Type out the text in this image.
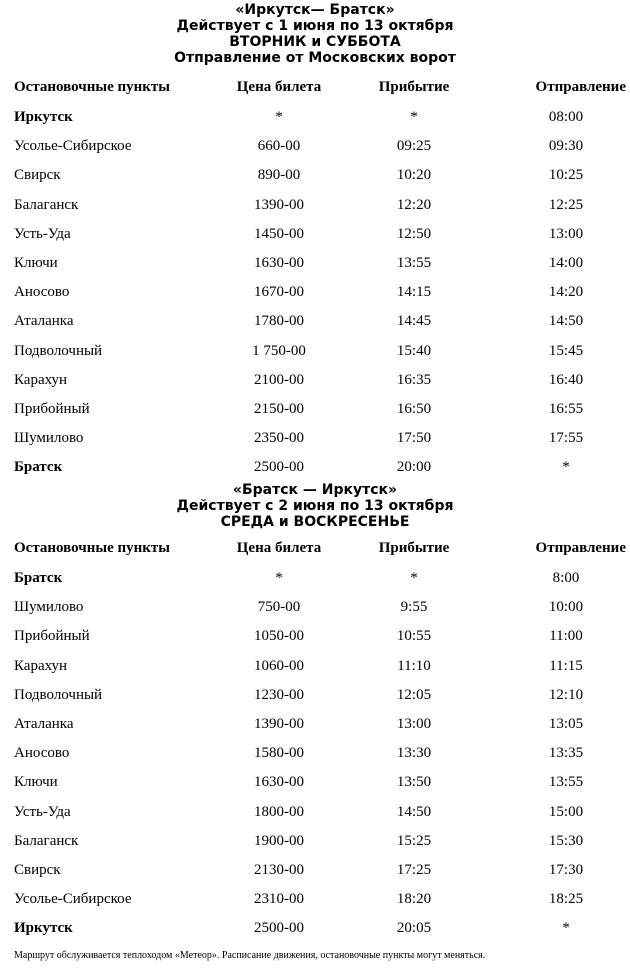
«Иркутск— Братск»
Действует с 1 июня по 13 октября
ВТОРНИК и СУББОТА
Отправление от Московских ворот
Остановочные пункты	Цена билета	Прибытие	Отправление
Иркутск	*	*	08:00
Усолье-Сибирское	660-00	09:25	09:30
Свирск	890-00	10:20	10:25
Балаганск	1390-00	12:20	12:25
Усть-Уда	1450-00	12:50	13:00
Ключи	1630-00	13:55	14:00
Аносово	1670-00	14:15	14:20
Аталанка	1780-00	14:45	14:50
Подволочный	1 750-00	15:40	15:45
Карахун	2100-00	16:35	16:40
Прибойный	2150-00	16:50	16:55
Шумилово	2350-00	17:50	17:55
Братск	2500-00	20:00	*
«Братск — Иркутск»
Действует с 2 июня по 13 октября
СРЕДА и ВОСКРЕСЕНЬЕ
Остановочные пункты	Цена билета	Прибытие	Отправление
Братск	*	*	8:00
Шумилово	750-00	9:55	10:00
Прибойный	1050-00	10:55	11:00
Карахун	1060-00	11:10	11:15
Подволочный	1230-00	12:05	12:10
Аталанка	1390-00	13:00	13:05
Аносово	1580-00	13:30	13:35
Ключи	1630-00	13:50	13:55
Усть-Уда	1800-00	14:50	15:00
Балаганск	1900-00	15:25	15:30
Свирск	2130-00	17:25	17:30
Усолье-Сибирское	2310-00	18:20	18:25
Иркутск	2500-00	20:05	*
Маршрут обслуживается теплоходом «Метеор». Расписание движения, остановочные пункты могут меняться.
